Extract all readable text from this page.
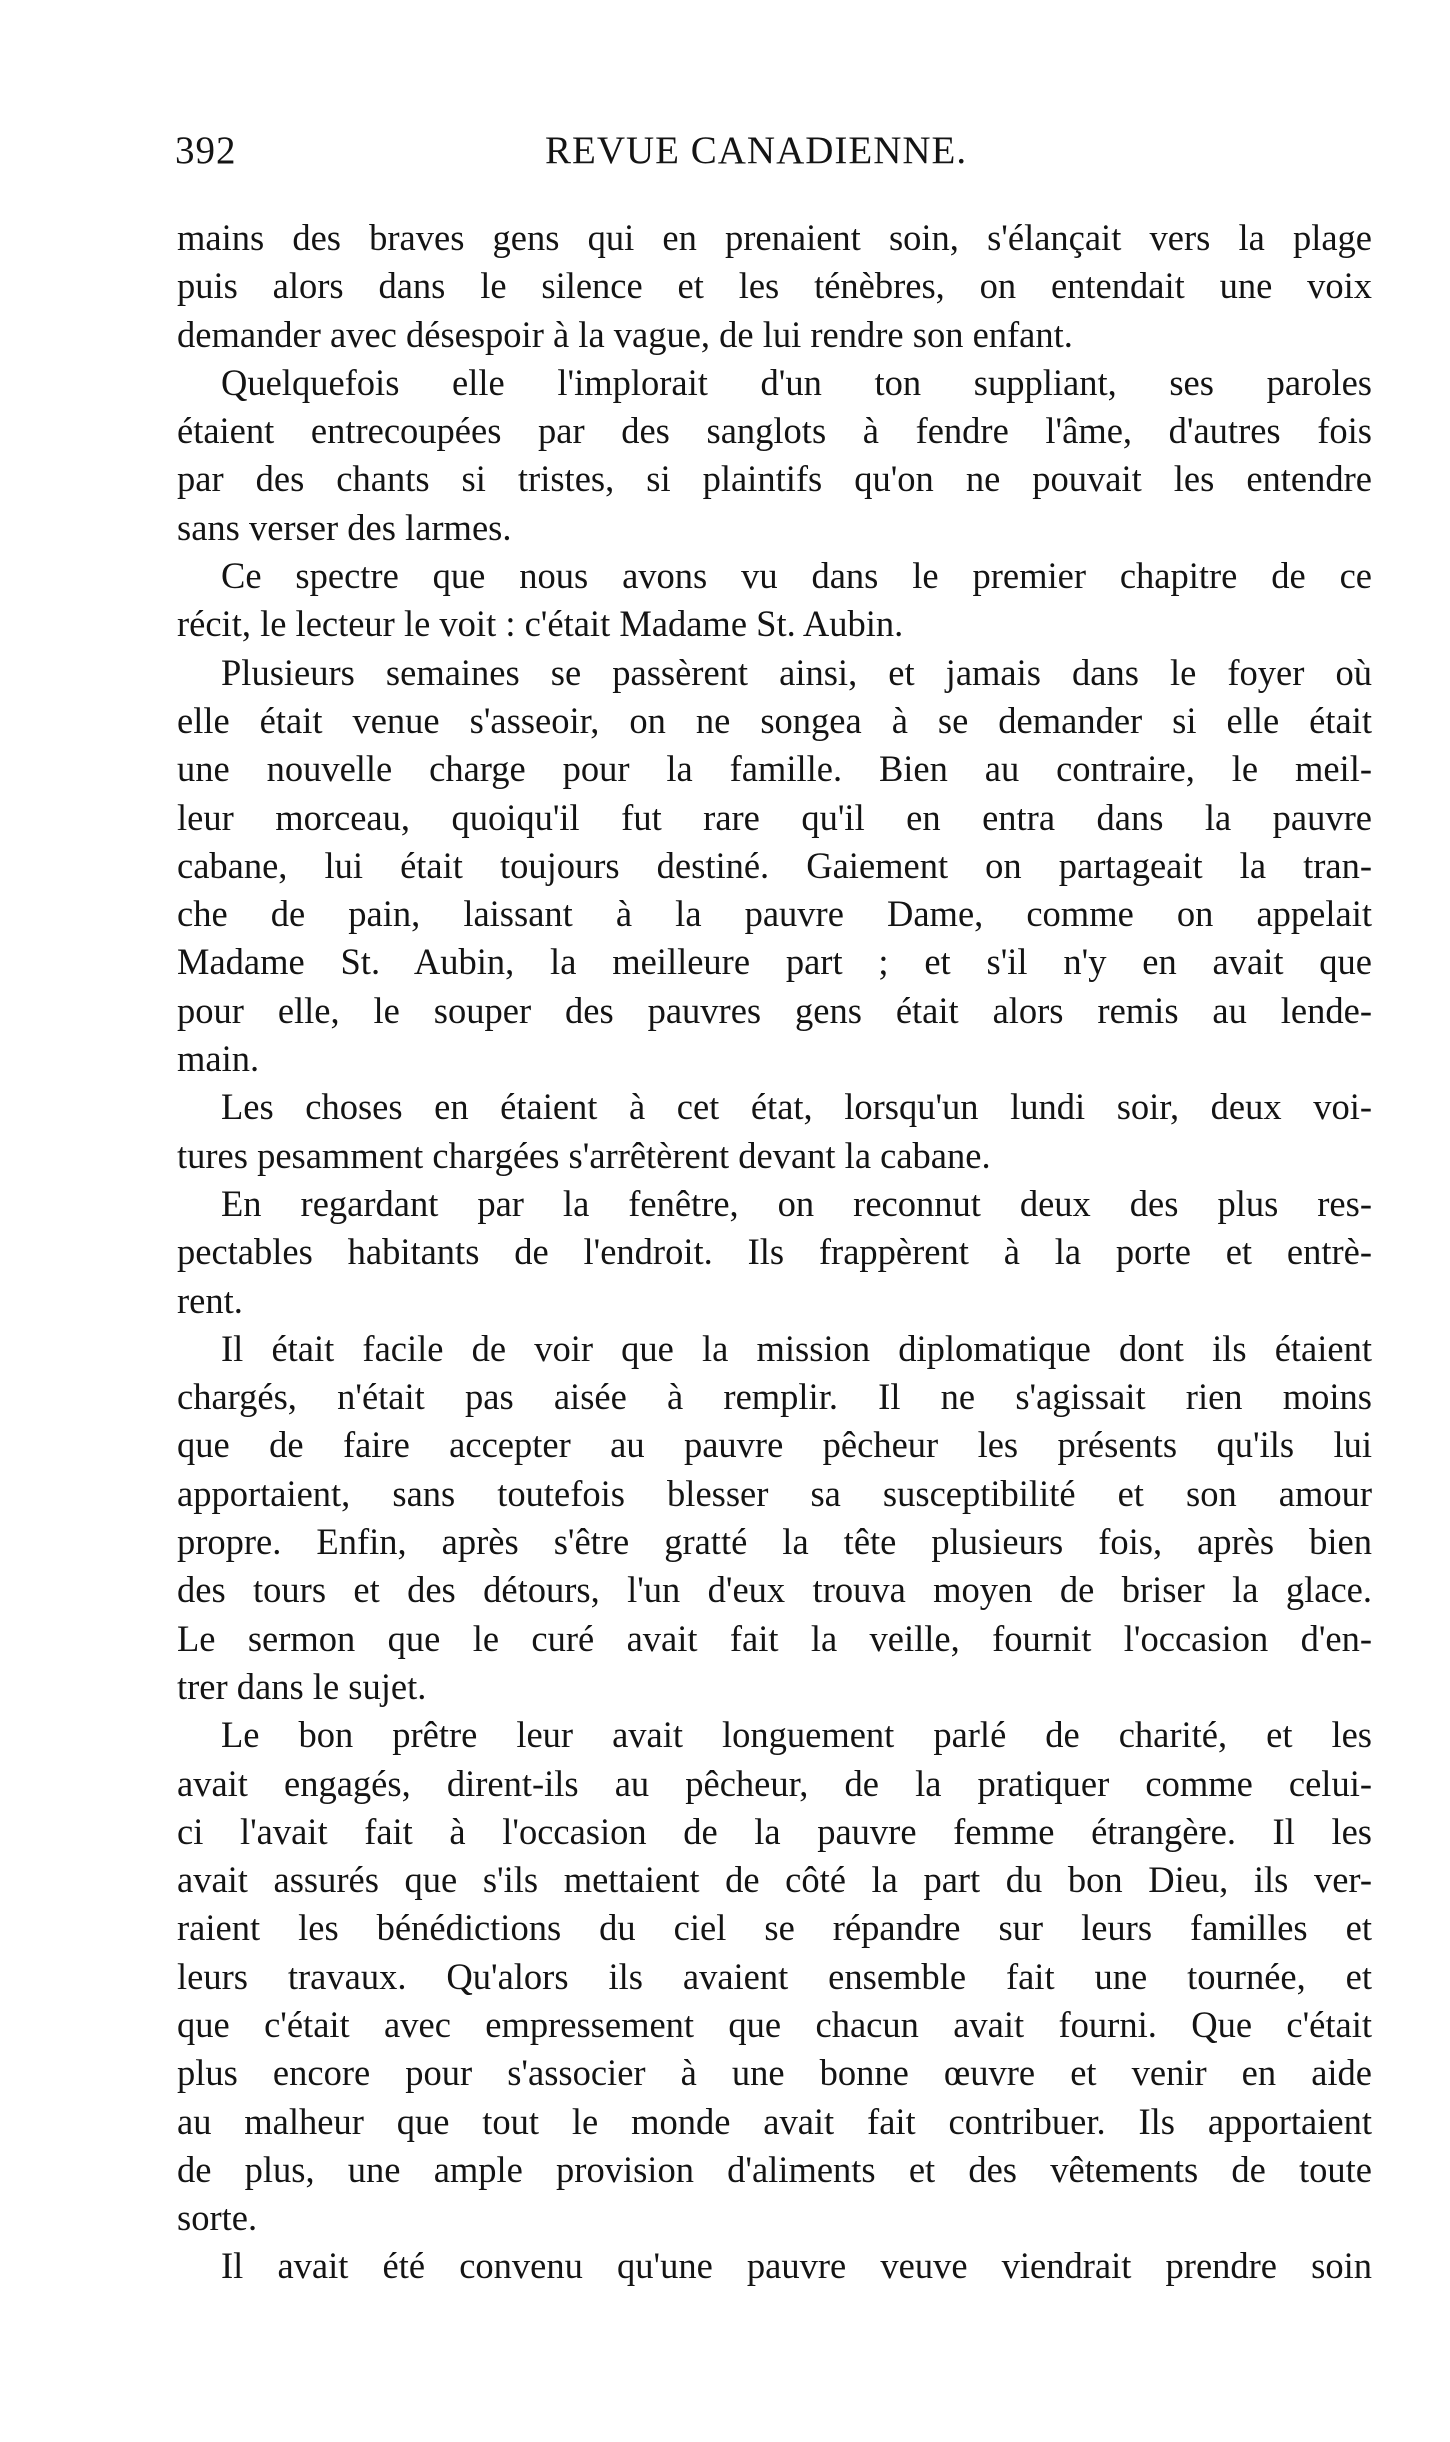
392	REVUE CANADIENNE.

mains des braves gens qui en prenaient soin, s'élançait vers la plage
puis alors dans le silence et les ténèbres, on entendait une voix
demander avec désespoir à la vague, de lui rendre son enfant.

Quelquefois elle l'implorait d'un ton suppliant, ses paroles
étaient entrecoupées par des sanglots à fendre l'âme, d'autres fois
par des chants si tristes, si plaintifs qu'on ne pouvait les entendre
sans verser des larmes.

Ce spectre que nous avons vu dans le premier chapitre de ce
récit, le lecteur le voit : c'était Madame St. Aubin.

Plusieurs semaines se passèrent ainsi, et jamais dans le foyer où
elle était venue s'asseoir, on ne songea à se demander si elle était
une nouvelle charge pour la famille. Bien au contraire, le meil-
leur morceau, quoiqu'il fut rare qu'il en entra dans la pauvre
cabane, lui était toujours destiné. Gaiement on partageait la tran-
che de pain, laissant à la pauvre Dame, comme on appelait
Madame St. Aubin, la meilleure part ; et s'il n'y en avait que
pour elle, le souper des pauvres gens était alors remis au lende-
main.

Les choses en étaient à cet état, lorsqu'un lundi soir, deux voi-
tures pesamment chargées s'arrêtèrent devant la cabane.

En regardant par la fenêtre, on reconnut deux des plus res-
pectables habitants de l'endroit. Ils frappèrent à la porte et entrè-
rent.

Il était facile de voir que la mission diplomatique dont ils étaient
chargés, n'était pas aisée à remplir. Il ne s'agissait rien moins
que de faire accepter au pauvre pêcheur les présents qu'ils lui
apportaient, sans toutefois blesser sa susceptibilité et son amour
propre. Enfin, après s'être gratté la tête plusieurs fois, après bien
des tours et des détours, l'un d'eux trouva moyen de briser la glace.
Le sermon que le curé avait fait la veille, fournit l'occasion d'en-
trer dans le sujet.

Le bon prêtre leur avait longuement parlé de charité, et les
avait engagés, dirent-ils au pêcheur, de la pratiquer comme celui-
ci l'avait fait à l'occasion de la pauvre femme étrangère. Il les
avait assurés que s'ils mettaient de côté la part du bon Dieu, ils ver-
raient les bénédictions du ciel se répandre sur leurs familles et
leurs travaux. Qu'alors ils avaient ensemble fait une tournée, et
que c'était avec empressement que chacun avait fourni. Que c'était
plus encore pour s'associer à une bonne œuvre et venir en aide
au malheur que tout le monde avait fait contribuer. Ils apportaient
de plus, une ample provision d'aliments et des vêtements de toute
sorte.

Il avait été convenu qu'une pauvre veuve viendrait prendre soin
